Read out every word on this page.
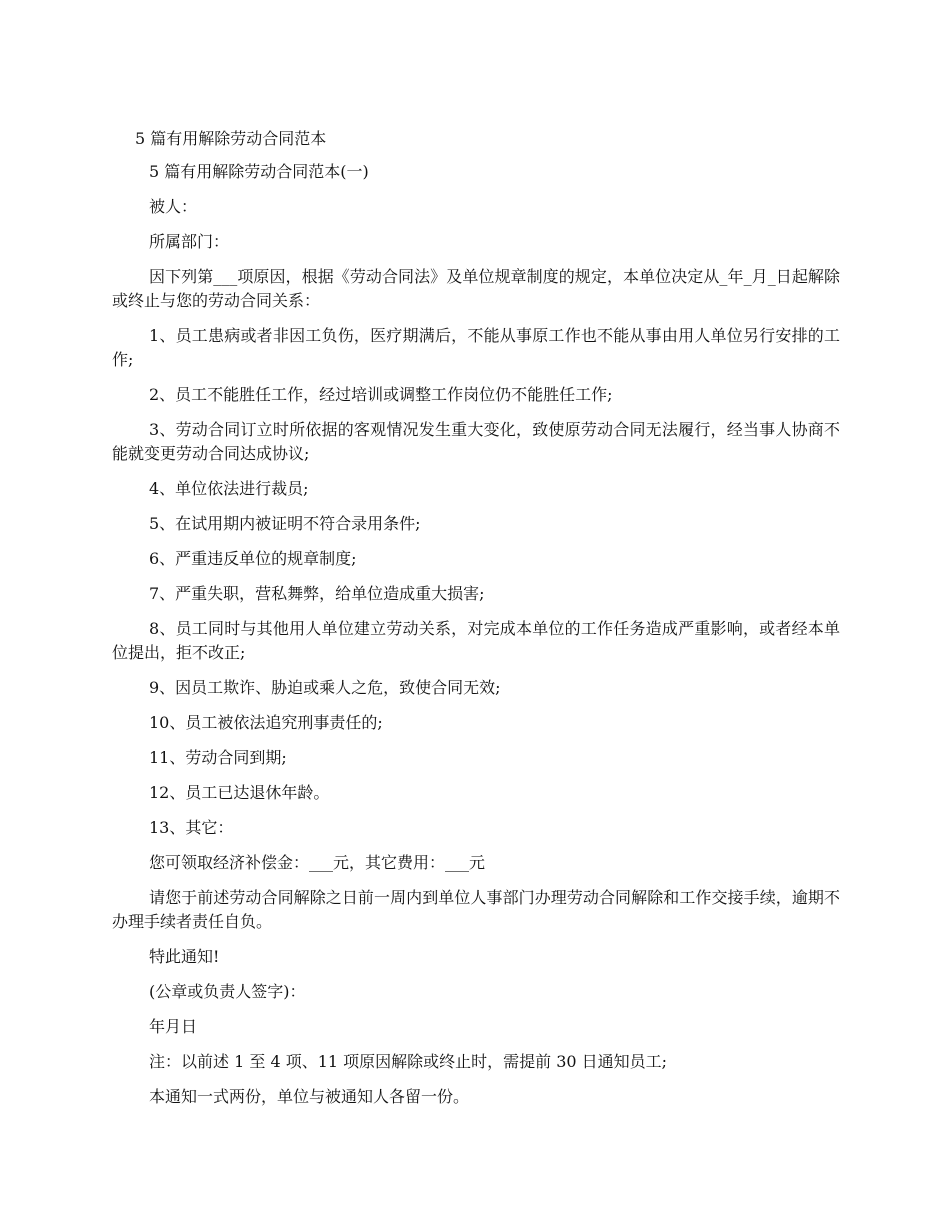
5 篇有用解除劳动合同范本

5 篇有用解除劳动合同范本(一)

被人：

所属部门：

因下列第___项原因，根据《劳动合同法》及单位规章制度的规定，本单位决定从_年_月_日起解除或终止与您的劳动合同关系：

1、员工患病或者非因工负伤，医疗期满后，不能从事原工作也不能从事由用人单位另行安排的工作;

2、员工不能胜任工作，经过培训或调整工作岗位仍不能胜任工作;

3、劳动合同订立时所依据的客观情况发生重大变化，致使原劳动合同无法履行，经当事人协商不能就变更劳动合同达成协议;

4、单位依法进行裁员;

5、在试用期内被证明不符合录用条件;

6、严重违反单位的规章制度;

7、严重失职，营私舞弊，给单位造成重大损害;

8、员工同时与其他用人单位建立劳动关系，对完成本单位的工作任务造成严重影响，或者经本单位提出，拒不改正;

9、因员工欺诈、胁迫或乘人之危，致使合同无效;

10、员工被依法追究刑事责任的;

11、劳动合同到期;

12、员工已达退休年龄。

13、其它：

您可领取经济补偿金：___元，其它费用：___元

请您于前述劳动合同解除之日前一周内到单位人事部门办理劳动合同解除和工作交接手续，逾期不办理手续者责任自负。

特此通知!

(公章或负责人签字)：

年月日

注：以前述 1 至 4 项、11 项原因解除或终止时，需提前 30 日通知员工;

本通知一式两份，单位与被通知人各留一份。
